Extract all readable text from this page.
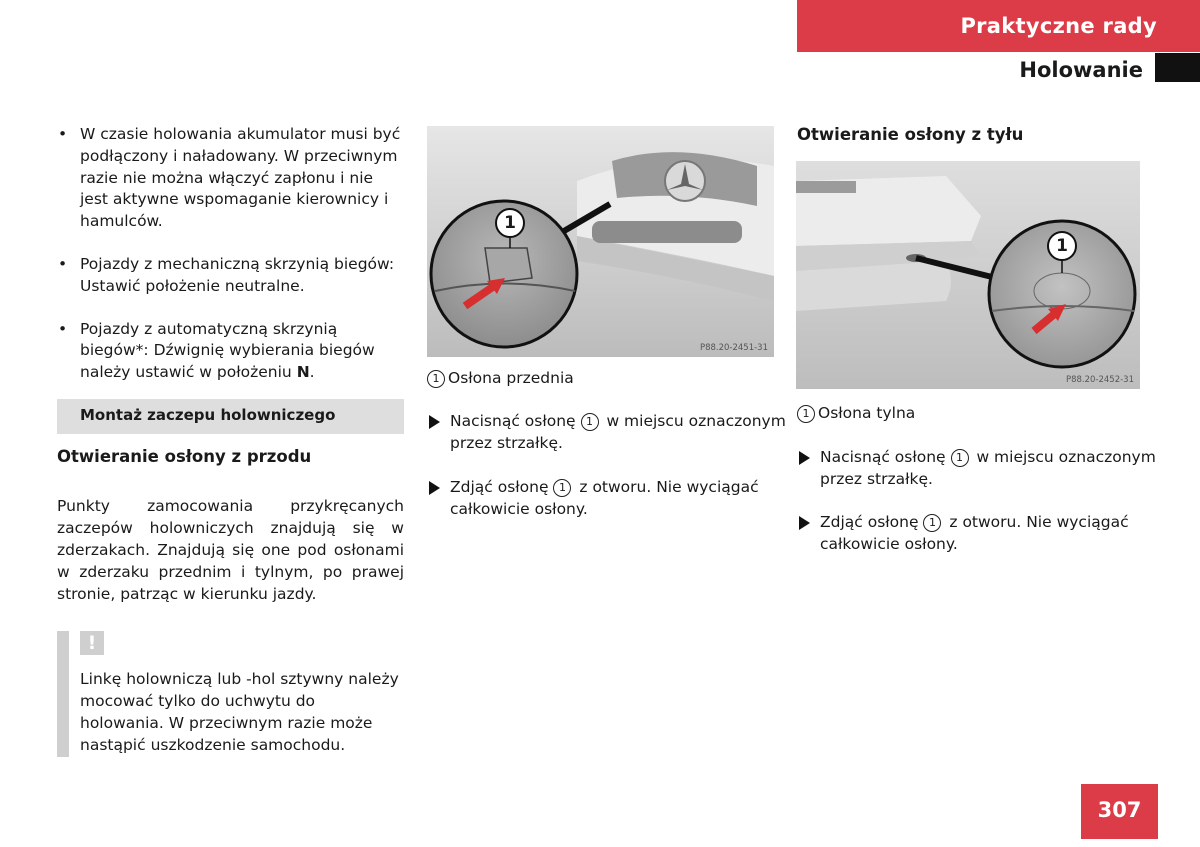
Praktyczne rady
Holowanie
• W czasie holowania akumulator musi być podłączony i naładowany. W przeciwnym razie nie można włączyć zapłonu i nie jest aktywne wspomaganie kierownicy i hamulców.
• Pojazdy z mechaniczną skrzynią biegów: Ustawić położenie neutralne.
• Pojazdy z automatyczną skrzynią biegów*: Dźwignię wybierania biegów należy ustawić w położeniu N.
Montaż zaczepu holowniczego
Otwieranie osłony z przodu

Punkty zamocowania przykręcanych zaczepów holowniczych znajdują się w zderzakach. Znajdują się one pod osłonami w zderzaku przednim i tylnym, po prawej stronie, patrząc w kierunku jazdy.

!

Linkę holowniczą lub -hol sztywny należy mocować tylko do uchwytu do holowania. W przeciwnym razie może nastąpić uszkodzenie samochodu.

1
P88.20-2451-31
1 Osłona przednia
Nacisnąć osłonę 1 w miejscu oznaczonym przez strzałkę.
Zdjąć osłonę 1 z otworu. Nie wyciągać całkowicie osłony.
Otwieranie osłony z tyłu
1
P88.20-2452-31
1 Osłona tylna
Nacisnąć osłonę 1 w miejscu oznaczonym przez strzałkę.
Zdjąć osłonę 1 z otworu. Nie wyciągać całkowicie osłony.
307
